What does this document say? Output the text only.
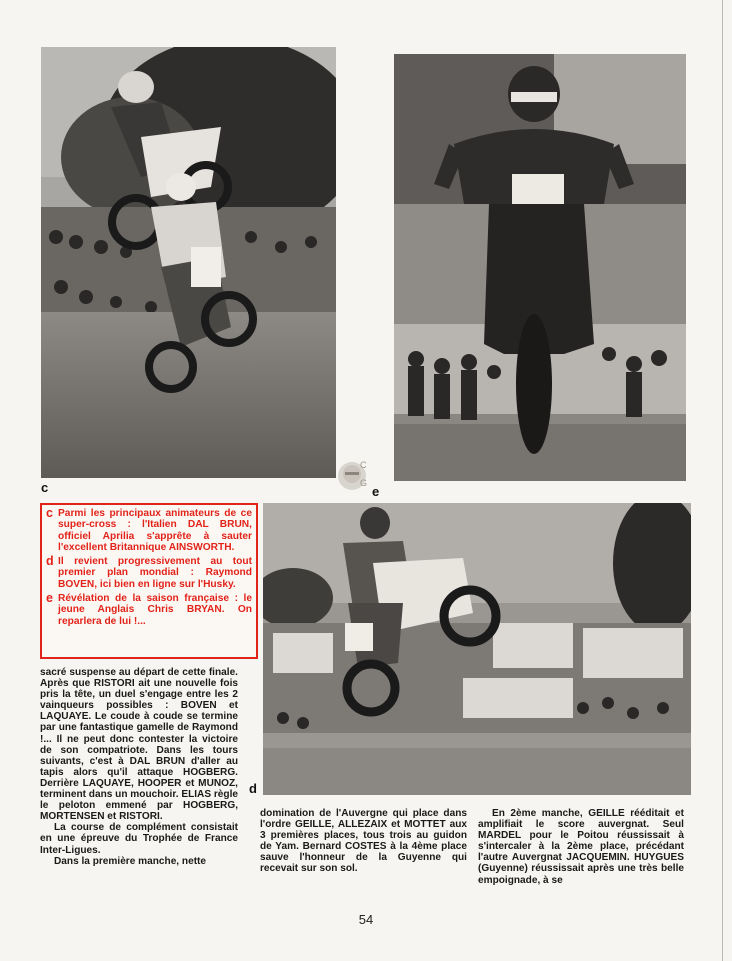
c	e
C
G
d
c Parmi les principaux animateurs de ce super-cross : l'Italien DAL BRUN, officiel Aprilia s'apprête à sauter l'excellent Britannique AINSWORTH.
d Il revient progressivement au tout premier plan mondial : Raymond BOVEN, ici bien en ligne sur l'Husky.
e Révélation de la saison française : le jeune Anglais Chris BRYAN. On reparlera de lui !...

sacré suspense au départ de cette finale. Après que RISTORI ait une nouvelle fois pris la tête, un duel s'engage entre les 2 vainqueurs possibles : BOVEN et LAQUAYE. Le coude à coude se termine par une fantastique gamelle de Raymond !... Il ne peut donc contester la victoire de son compatriote. Dans les tours suivants, c'est à DAL BRUN d'aller au tapis alors qu'il attaque HOGBERG. Derrière LAQUAYE, HOOPER et MUNOZ, terminent dans un mouchoir. ELIAS règle le peloton emmené par HOGBERG, MORTENSEN et RISTORI.

La course de complément consistait en une épreuve du Trophée de France Inter-Ligues.

Dans la première manche, nette

domination de l'Auvergne qui place dans l'ordre GEILLE, ALLEZAIX et MOTTET aux 3 premières places, tous trois au guidon de Yam. Bernard COSTES à la 4ème place sauve l'honneur de la Guyenne qui recevait sur son sol.

En 2ème manche, GEILLE rééditait et amplifiait le score auvergnat. Seul MARDEL pour le Poitou réussissait à s'intercaler à la 2ème place, précédant l'autre Auvergnat JACQUEMIN. HUYGUES (Guyenne) réussissait après une très belle empoignade, à se

54
